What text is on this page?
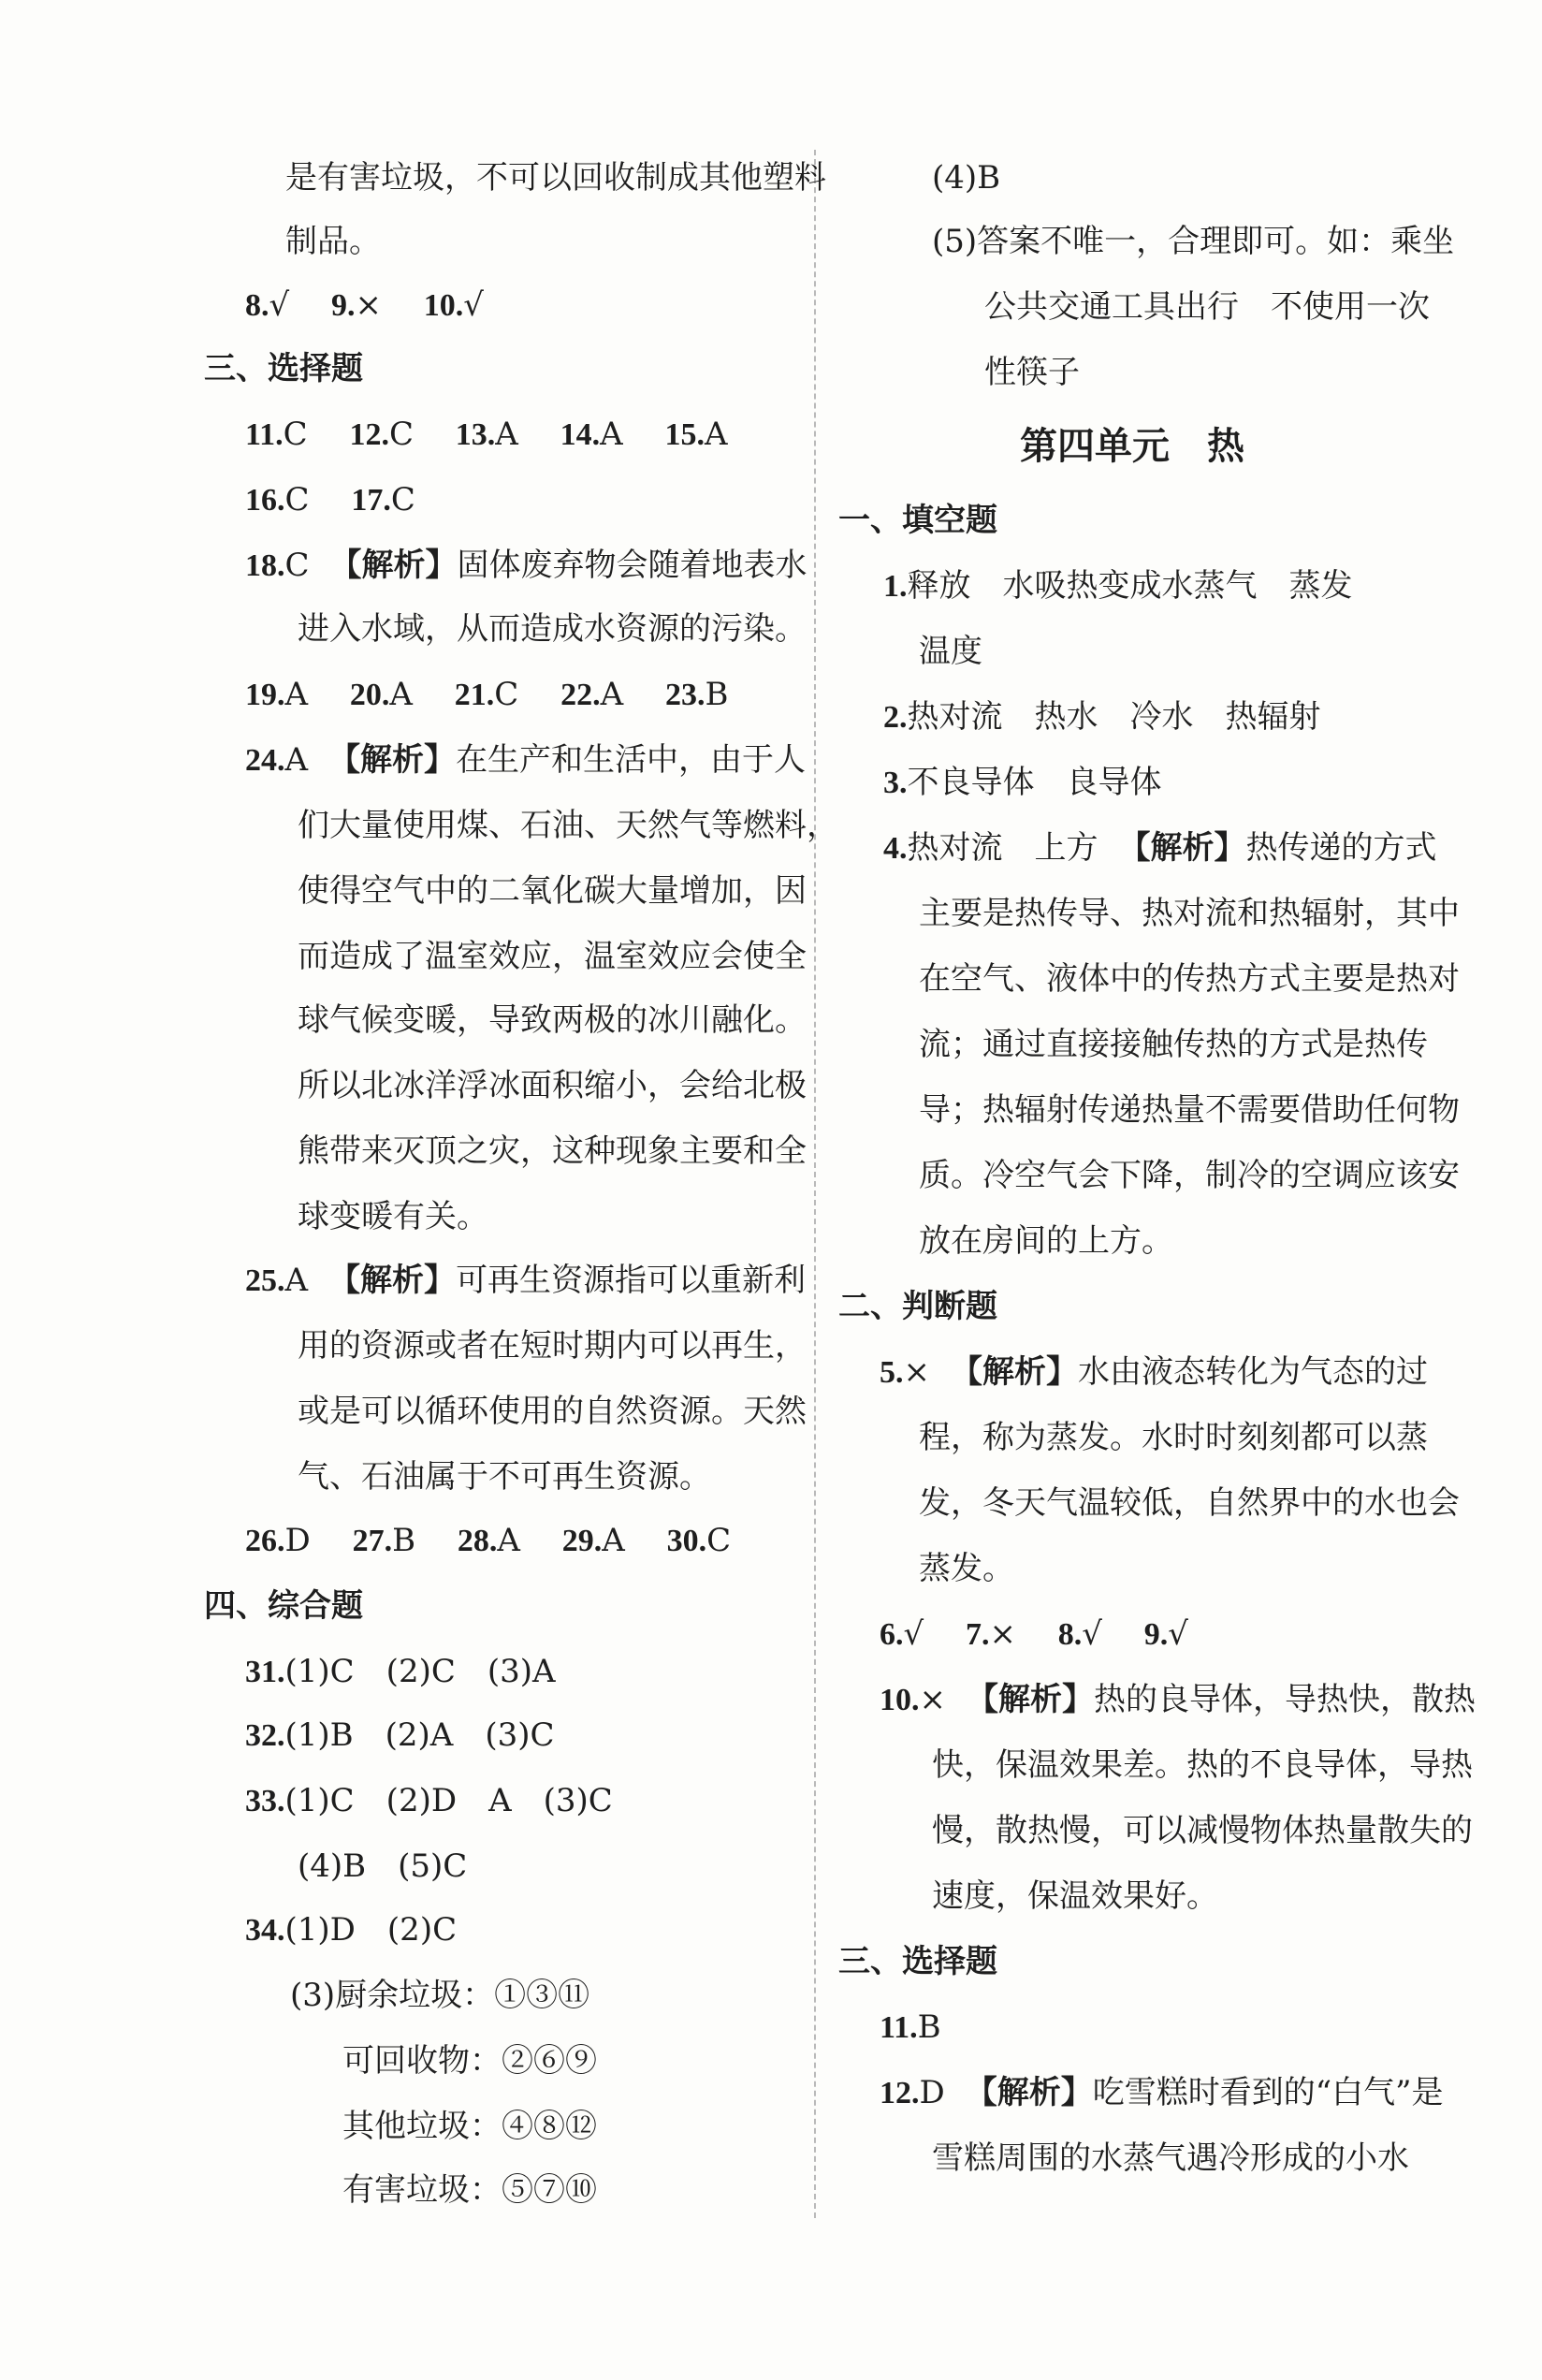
是有害垃圾，不可以回收制成其他塑料
制品。
8.√ 9.× 10.√
三、选择题
11.C 12.C 13.A 14.A 15.A
16.C 17.C
18.C 【解析】固体废弃物会随着地表水
进入水域，从而造成水资源的污染。
19.A 20.A 21.C 22.A 23.B
24.A 【解析】在生产和生活中，由于人
们大量使用煤、石油、天然气等燃料，
使得空气中的二氧化碳大量增加，因
而造成了温室效应，温室效应会使全
球气候变暖，导致两极的冰川融化。
所以北冰洋浮冰面积缩小，会给北极
熊带来灭顶之灾，这种现象主要和全
球变暖有关。
25.A 【解析】可再生资源指可以重新利
用的资源或者在短时期内可以再生，
或是可以循环使用的自然资源。天然
气、石油属于不可再生资源。
26.D 27.B 28.A 29.A 30.C
四、综合题
31.(1)C　(2)C　(3)A
32.(1)B　(2)A　(3)C
33.(1)C　(2)D　A　(3)C
(4)B　(5)C
34.(1)D　(2)C
(3)厨余垃圾：①③⑪
可回收物：②⑥⑨
其他垃圾：④⑧⑫
有害垃圾：⑤⑦⑩
(4)B
(5)答案不唯一，合理即可。如：乘坐
公共交通工具出行　不使用一次
性筷子
第四单元　热
一、填空题
1.释放　水吸热变成水蒸气　蒸发
温度
2.热对流　热水　冷水　热辐射
3.不良导体　良导体
4.热对流　上方 【解析】热传递的方式
主要是热传导、热对流和热辐射，其中
在空气、液体中的传热方式主要是热对
流；通过直接接触传热的方式是热传
导；热辐射传递热量不需要借助任何物
质。冷空气会下降，制冷的空调应该安
放在房间的上方。
二、判断题
5.× 【解析】水由液态转化为气态的过
程，称为蒸发。水时时刻刻都可以蒸
发，冬天气温较低，自然界中的水也会
蒸发。
6.√ 7.× 8.√ 9.√
10.× 【解析】热的良导体，导热快，散热
快，保温效果差。热的不良导体，导热
慢，散热慢，可以减慢物体热量散失的
速度，保温效果好。
三、选择题
11.B
12.D 【解析】吃雪糕时看到的“白气”是
雪糕周围的水蒸气遇冷形成的小水
